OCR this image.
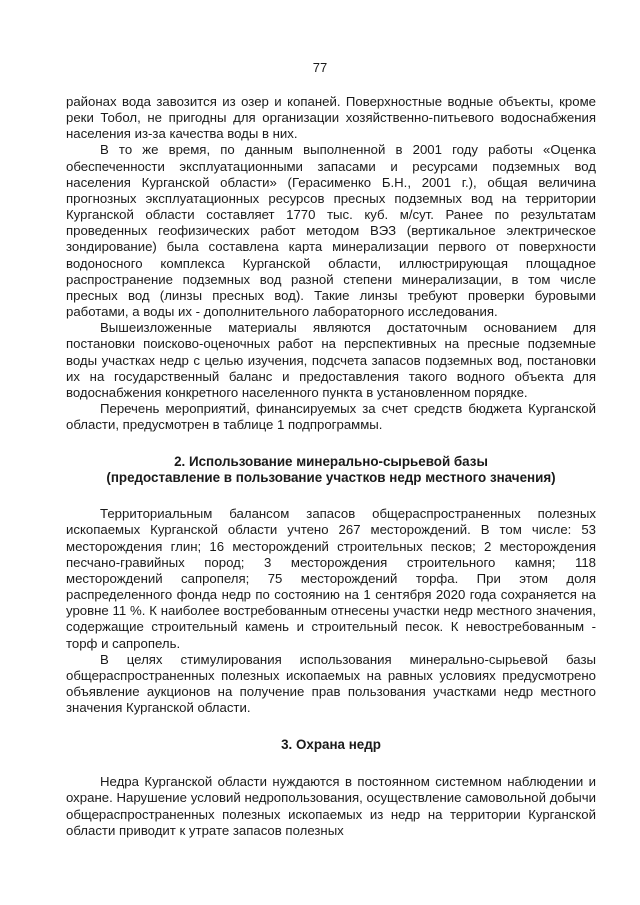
77

районах вода завозится из озер и копаней. Поверхностные водные объекты, кроме реки Тобол, не пригодны для организации хозяйственно-питьевого водоснабжения населения из-за качества воды в них.

В то же время, по данным выполненной в 2001 году работы «Оценка обеспеченности эксплуатационными запасами и ресурсами подземных вод населения Курганской области» (Герасименко Б.Н., 2001 г.), общая величина прогнозных эксплуатационных ресурсов пресных подземных вод на территории Курганской области составляет 1770 тыс. куб. м/сут. Ранее по результатам проведенных геофизических работ методом ВЭЗ (вертикальное электрическое зондирование) была составлена карта минерализации первого от поверхности водоносного комплекса Курганской области, иллюстрирующая площадное распространение подземных вод разной степени минерализации, в том числе пресных вод (линзы пресных вод). Такие линзы требуют проверки буровыми работами, а воды их - дополнительного лабораторного исследования.

Вышеизложенные материалы являются достаточным основанием для постановки поисково-оценочных работ на перспективных на пресные подземные воды участках недр с целью изучения, подсчета запасов подземных вод, постановки их на государственный баланс и предоставления такого водного объекта для водоснабжения конкретного населенного пункта в установленном порядке.

Перечень мероприятий, финансируемых за счет средств бюджета Курганской области, предусмотрен в таблице 1 подпрограммы.

2. Использование минерально-сырьевой базы

(предоставление в пользование участков недр местного значения)

Территориальным балансом запасов общераспространенных полезных ископаемых Курганской области учтено 267 месторождений. В том числе: 53 месторождения глин; 16 месторождений строительных песков; 2 месторождения песчано-гравийных пород; 3 месторождения строительного камня; 118 месторождений сапропеля; 75 месторождений торфа. При этом доля распределенного фонда недр по состоянию на 1 сентября 2020 года сохраняется на уровне 11 %. К наиболее востребованным отнесены участки недр местного значения, содержащие строительный камень и строительный песок. К невостребованным - торф и сапропель.

В целях стимулирования использования минерально-сырьевой базы общераспространенных полезных ископаемых на равных условиях предусмотрено объявление аукционов на получение прав пользования участками недр местного значения Курганской области.

3. Охрана недр

Недра Курганской области нуждаются в постоянном системном наблюдении и охране. Нарушение условий недропользования, осуществление самовольной добычи общераспространенных полезных ископаемых из недр на территории Курганской области приводит к утрате запасов полезных
